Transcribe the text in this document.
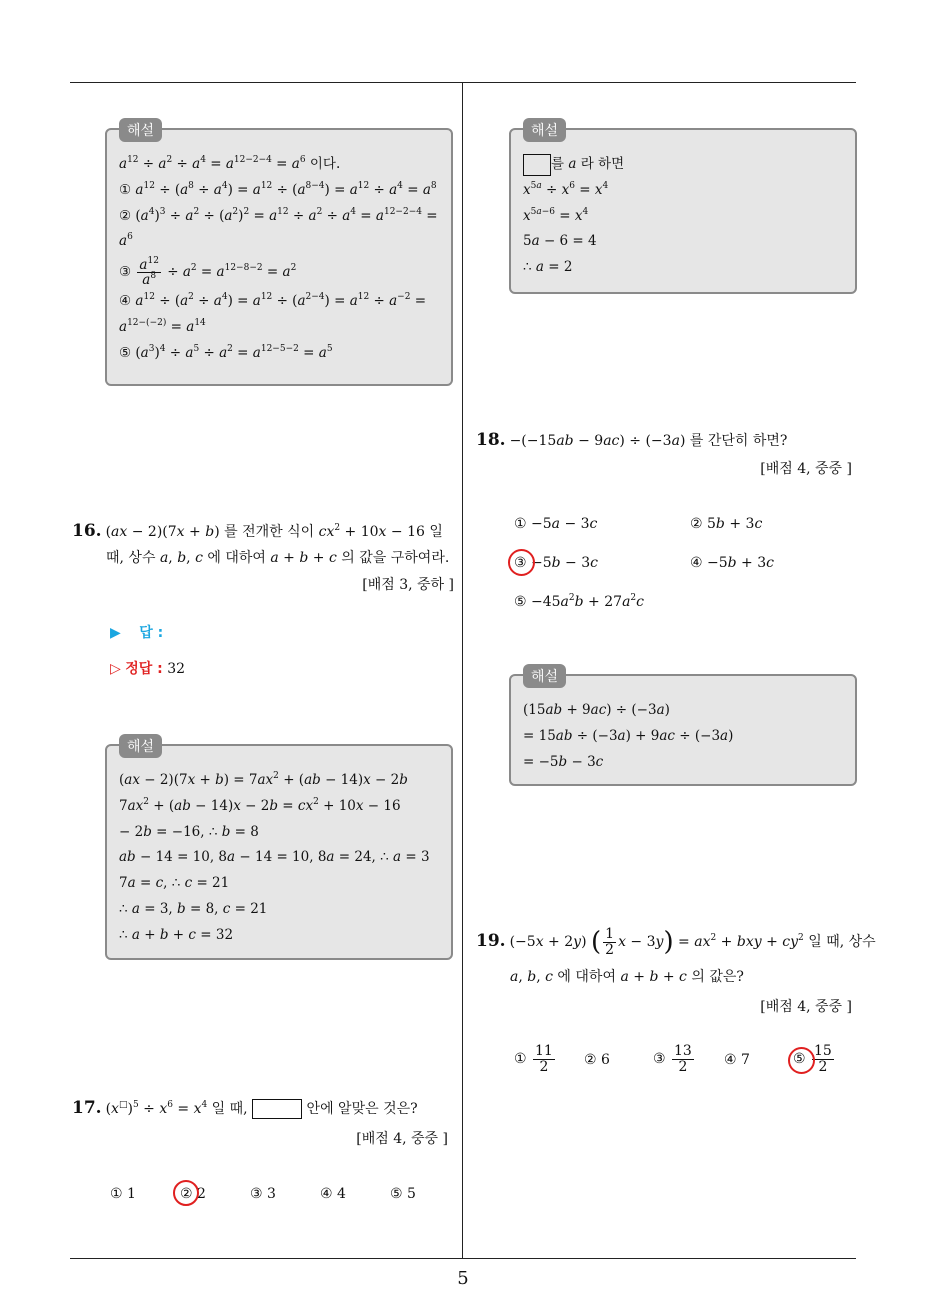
5
해설
$a^{12} \div a^2 \div a^4 = a^{12-2-4} = a^6$ 이다.
① $a^{12} \div (a^8 \div a^4) = a^{12} \div (a^{8-4}) = a^{12} \div a^4 = a^8$
② $(a^4)^3 \div a^2 \div (a^2)^2 = a^{12} \div a^2 \div a^4 = a^{12-2-4}$ =
$a^6$
③ $\frac{a^{12}}{a^8} \div a^2 = a^{12-8-2} = a^2$
④ $a^{12} \div (a^2 \div a^4) = a^{12} \div (a^{2-4}) = a^{12} \div a^{-2}$ =
$a^{12-(-2)} = a^{14}$
⑤ $(a^3)^4 \div a^5 \div a^2 = a^{12-5-2} = a^5$
16. (ax − 2)(7x + b) 를 전개한 식이 $cx^2 + 10x - 16$ 일
때, 상수 a, b, c 에 대하여 a + b + c 의 값을 구하여라.
[배점 3, 중하 ]
▶ 답 :
▷ 정답 : 32
해설
$(ax - 2)(7x + b) = 7ax^2 + (ab - 14)x - 2b$
$7ax^2 + (ab - 14)x - 2b = cx^2 + 10x - 16$
− 2b = −16, ∴ b = 8
ab − 14 = 10, 8a − 14 = 10, 8a = 24, ∴ a = 3
7a = c, ∴ c = 21
∴ a = 3, b = 8, c = 21
∴ a + b + c = 32
17. $(x^□)^5 \div x^6 = x^4$ 일 때,	안에 알맞은 것은?
[배점 4, 중중 ]
① 1	② 2	③ 3	④ 4	⑤ 5
해설
를 a 라 하면
$x^{5a} \div x^6 = x^4$
$x^{5a-6} = x^4$
5a − 6 = 4
∴ a = 2
18. −(−15ab − 9ac) ÷ (−3a) 를 간단히 하면?
[배점 4, 중중 ]
① −5a − 3c	② 5b + 3c
③ −5b − 3c	④ −5b + 3c
⑤ $-45a^2b + 27a^2c$
해설
(15ab + 9ac) ÷ (−3a)
= 15ab ÷ (−3a) + 9ac ÷ (−3a)
= −5b − 3c
19. (−5x + 2y) ( $\frac{1}{2}$ $x - 3y) = ax^2$ + bxy + $cy^2$ 일 때, 상수
a, b, c 에 대하여 a + b + c 의 값은?
[배점 4, 중중 ]
① $\frac{11}{2}$ ② 6	③ $\frac{13}{2}$ ④ 7	⑤ $\frac{15}{2}$
